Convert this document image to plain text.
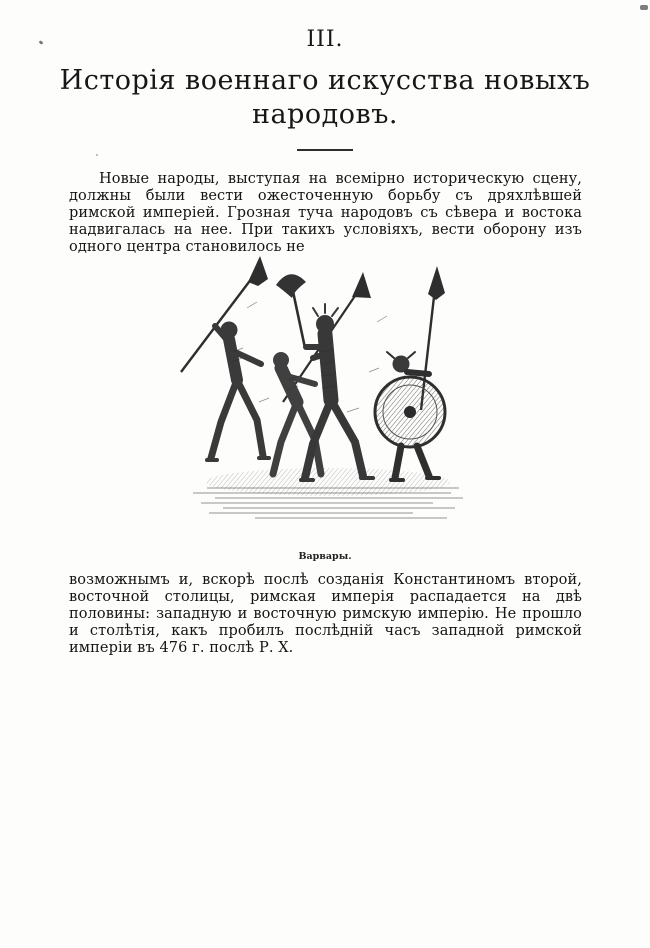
III.
Исторія военнаго искусства новыхъ
народовъ.
Новые народы, выступая на всемірно историческую сцену, должны были вести ожесточенную борьбу съ дряхлѣвшей римской имперіей. Грозная туча народовъ съ сѣвера и востока надвигалась на нее. При такихъ условіяхъ, вести оборону изъ одного центра становилось не
Варвары.
возможнымъ и, вскорѣ послѣ созданія Константиномъ второй, восточной столицы, римская имперія распадается на двѣ половины: западную и восточную римскую имперію. Не прошло и столѣтія, какъ пробилъ послѣдній часъ западной римской имперіи въ 476 г. послѣ Р. Х.
